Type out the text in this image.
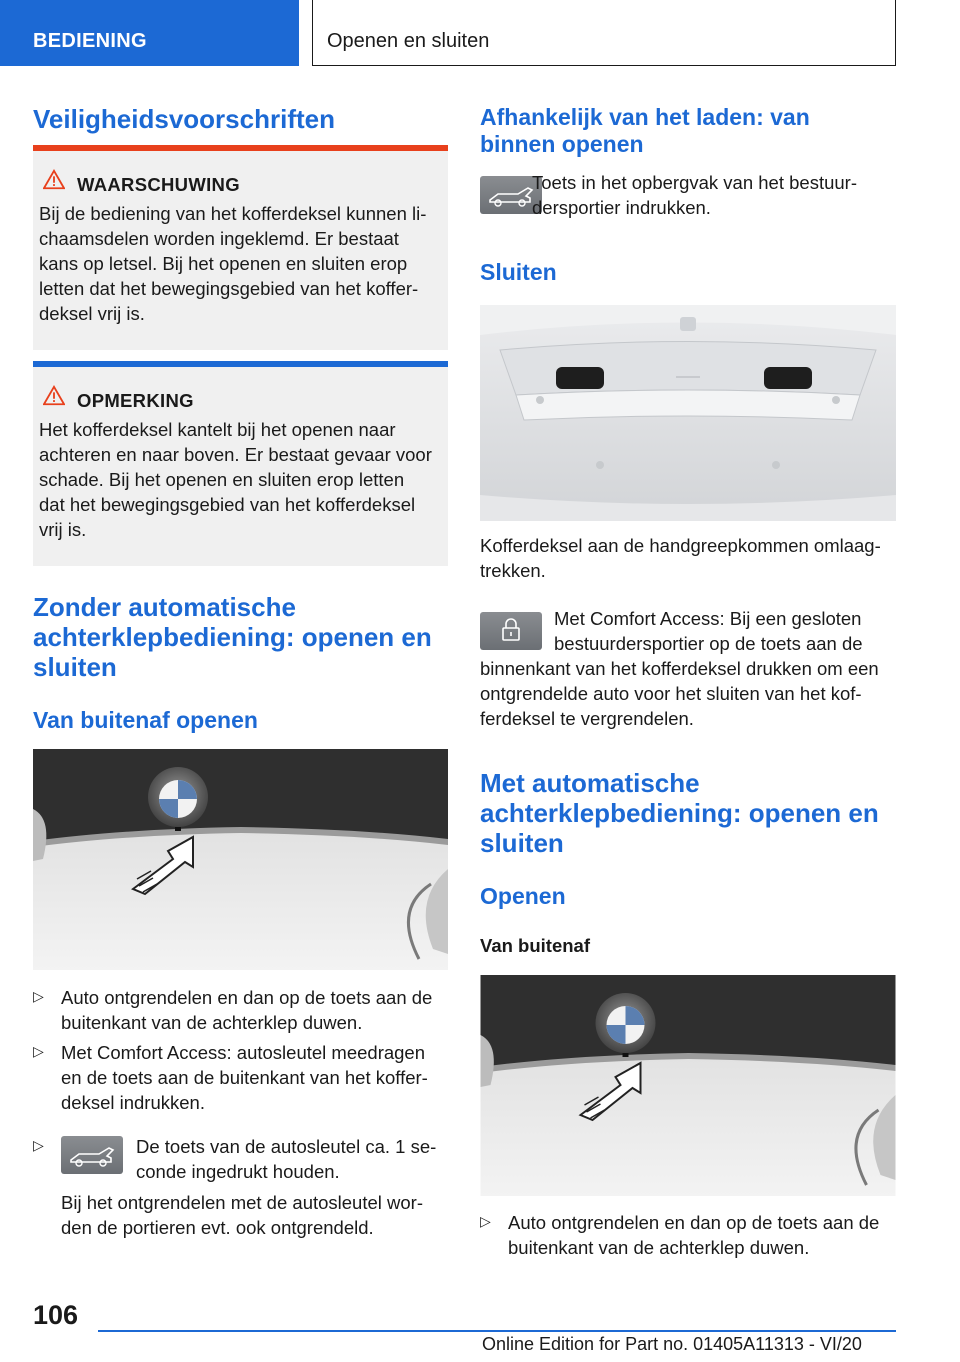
BEDIENING	Openen en sluiten
Veiligheidsvoorschriften
WAARSCHUWING
Bij de bediening van het kofferdeksel kunnen li-
chaamsdelen worden ingeklemd. Er bestaat
kans op letsel. Bij het openen en sluiten erop
letten dat het bewegingsgebied van het koffer-
deksel vrij is.
OPMERKING
Het kofferdeksel kantelt bij het openen naar
achteren en naar boven. Er bestaat gevaar voor
schade. Bij het openen en sluiten erop letten
dat het bewegingsgebied van het kofferdeksel
vrij is.
Zonder automatische
achterklepbediening: openen en
sluiten
Van buitenaf openen
▷ Auto ontgrendelen en dan op de toets aan de
buitenkant van de achterklep duwen.
▷ Met Comfort Access: autosleutel meedragen
en de toets aan de buitenkant van het koffer-
deksel indrukken.
▷	De toets van de autosleutel ca. 1 se-
conde ingedrukt houden.
Bij het ontgrendelen met de autosleutel wor-
den de portieren evt. ook ontgrendeld.
Afhankelijk van het laden: van
binnen openen
Toets in het opbergvak van het bestuur-
dersportier indrukken.
Sluiten
Kofferdeksel aan de handgreepkommen omlaag-
trekken.
Met Comfort Access: Bij een gesloten
bestuurdersportier op de toets aan de
binnenkant van het kofferdeksel drukken om een
ontgrendelde auto voor het sluiten van het kof-
ferdeksel te vergrendelen.
Met automatische
achterklepbediening: openen en
sluiten
Openen
Van buitenaf
▷ Auto ontgrendelen en dan op de toets aan de
buitenkant van de achterklep duwen.
106
Online Edition for Part no. 01405A11313 - VI/20
